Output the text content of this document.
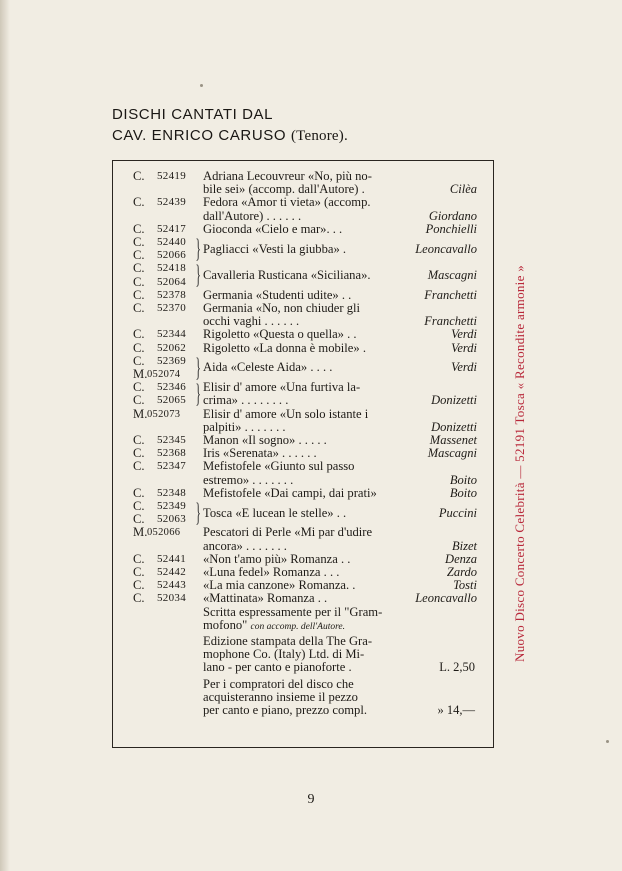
DISCHI CANTATI DAL
CAV. ENRICO CARUSO (Tenore).
C. 52419 Adriana Lecouvreur «No, più no-
bile sei» (accomp. dall'Autore) .	Cilèa
C. 52439 Fedora «Amor ti vieta» (accomp.
dall'Autore) . . . . . .	Giordano
C. 52417 Gioconda «Cielo e mar». . .	Ponchielli
C. 52440
C. 52066 } Pagliacci «Vesti la giubba» .	Leoncavallo
C. 52418
C. 52064 } Cavalleria Rusticana «Siciliana».	Mascagni
C. 52378 Germania «Studenti udite» . .	Franchetti
C. 52370 Germania «No, non chiuder gli
occhi vaghi . . . . . .	Franchetti
C. 52344 Rigoletto «Questa o quella» . .	Verdi
C. 52062 Rigoletto «La donna è mobile» .	Verdi
C. 52369
M. 052074 } Aida «Celeste Aida» . . . .	Verdi
C. 52346
C. 52065 } Elisir d' amore «Una furtiva la-
crima» . . . . . . . .	Donizetti
M. 052073 Elisir d' amore «Un solo istante i
palpiti» . . . . . . .	Donizetti
C. 52345 Manon «Il sogno» . . . . .	Massenet
C. 52368 Iris «Serenata» . . . . . .	Mascagni
C. 52347 Mefistofele «Giunto sul passo
estremo» . . . . . . .	Boito
C. 52348 Mefistofele «Dai campi, dai prati»	Boito
C. 52349
C. 52063 } Tosca «E lucean le stelle» . .	Puccini
M. 052066 Pescatori di Perle «Mi par d'udire
ancora» . . . . . . .	Bizet
C. 52441 «Non t'amo più» Romanza . .	Denza
C. 52442 «Luna fedel» Romanza . . .	Zardo
C. 52443 «La mia canzone» Romanza. .	Tosti
C. 52034 «Mattinata» Romanza . .	Leoncavallo
Scritta espressamente per il "Gram-
mofono" con accomp. dell'Autore.
Edizione stampata della The Gra-
mophone Co. (Italy) Ltd. di Mi-
lano - per canto e pianoforte .	L. 2,50
Per i compratori del disco che
acquisteranno insieme il pezzo
per canto e piano, prezzo compl.	» 14,—
Nuovo Disco Concerto Celebrità — 52191 Tosca « Recondite armonie »
9
